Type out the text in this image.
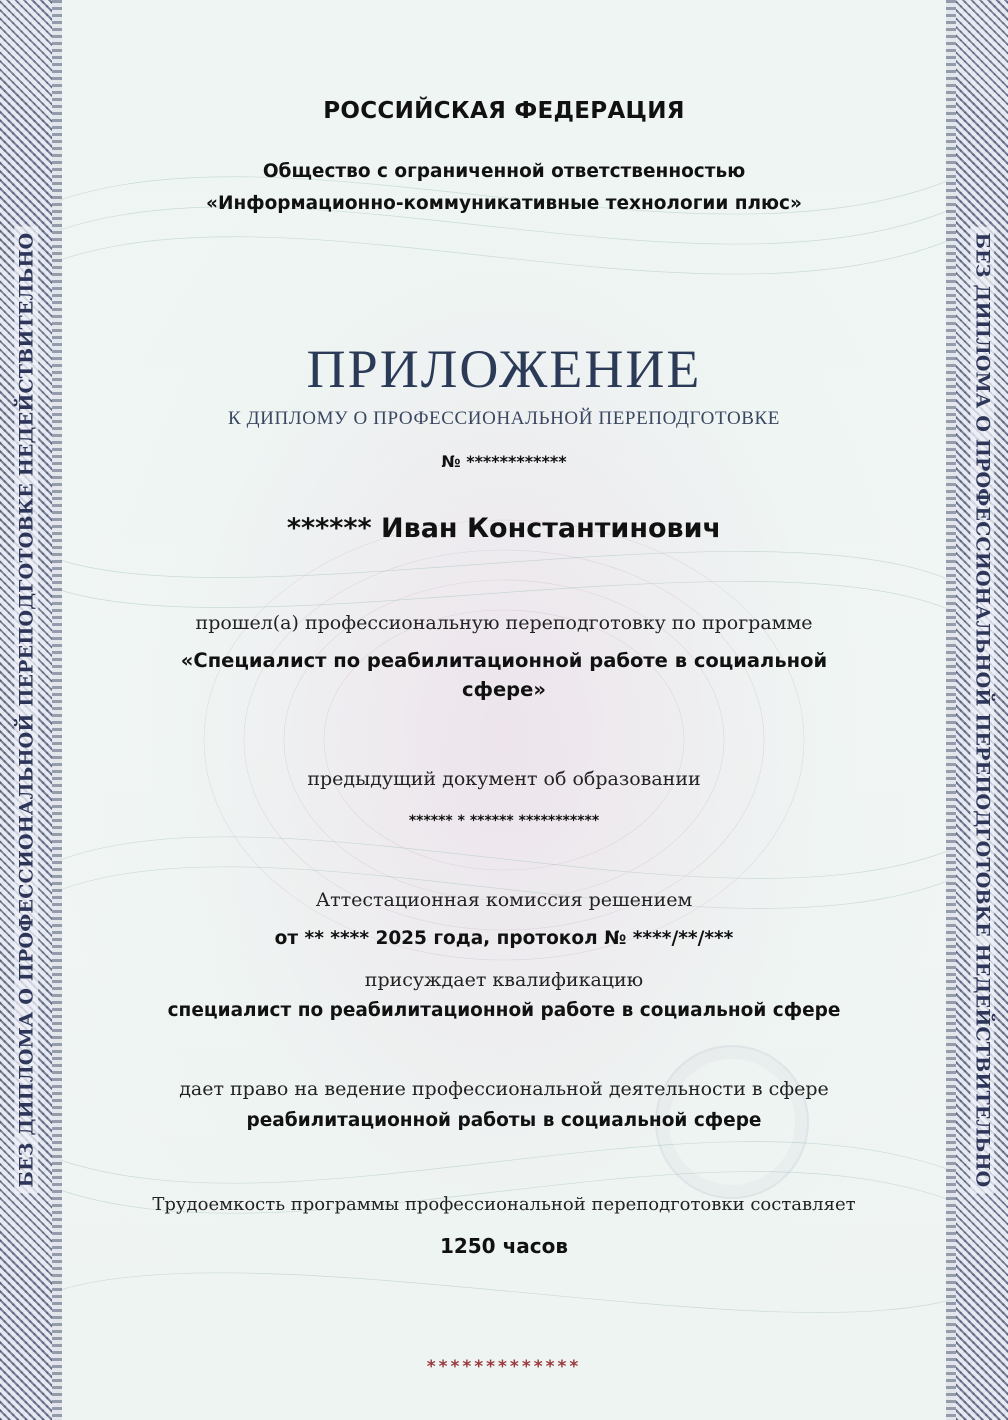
БЕЗ ДИПЛОМА О ПРОФЕССИОНАЛЬНОЙ ПЕРЕПОДГОТОВКЕ НЕДЕЙСТВИТЕЛЬНО	БЕЗ ДИПЛОМА О ПРОФЕССИОНАЛЬНОЙ ПЕРЕПОДГОТОВКЕ НЕДЕЙСТВИТЕЛЬНО
РОССИЙСКАЯ ФЕДЕРАЦИЯ
Общество с ограниченной ответственностью
«Информационно-коммуникативные технологии плюс»
ПРИЛОЖЕНИЕ
К ДИПЛОМУ О ПРОФЕССИОНАЛЬНОЙ ПЕРЕПОДГОТОВКЕ
№ ************
****** Иван Константинович
прошел(а) профессиональную переподготовку по программе
«Специалист по реабилитационной работе в социальной сфере»
предыдущий документ об образовании
****** * ****** ***********
Аттестационная комиссия решением
от ** **** 2025 года, протокол № ****/**/***
присуждает квалификацию
специалист по реабилитационной работе в социальной сфере
дает право на ведение профессиональной деятельности в сфере
реабилитационной работы в социальной сфере
Трудоемкость программы профессиональной переподготовки составляет
1250 часов
*************
